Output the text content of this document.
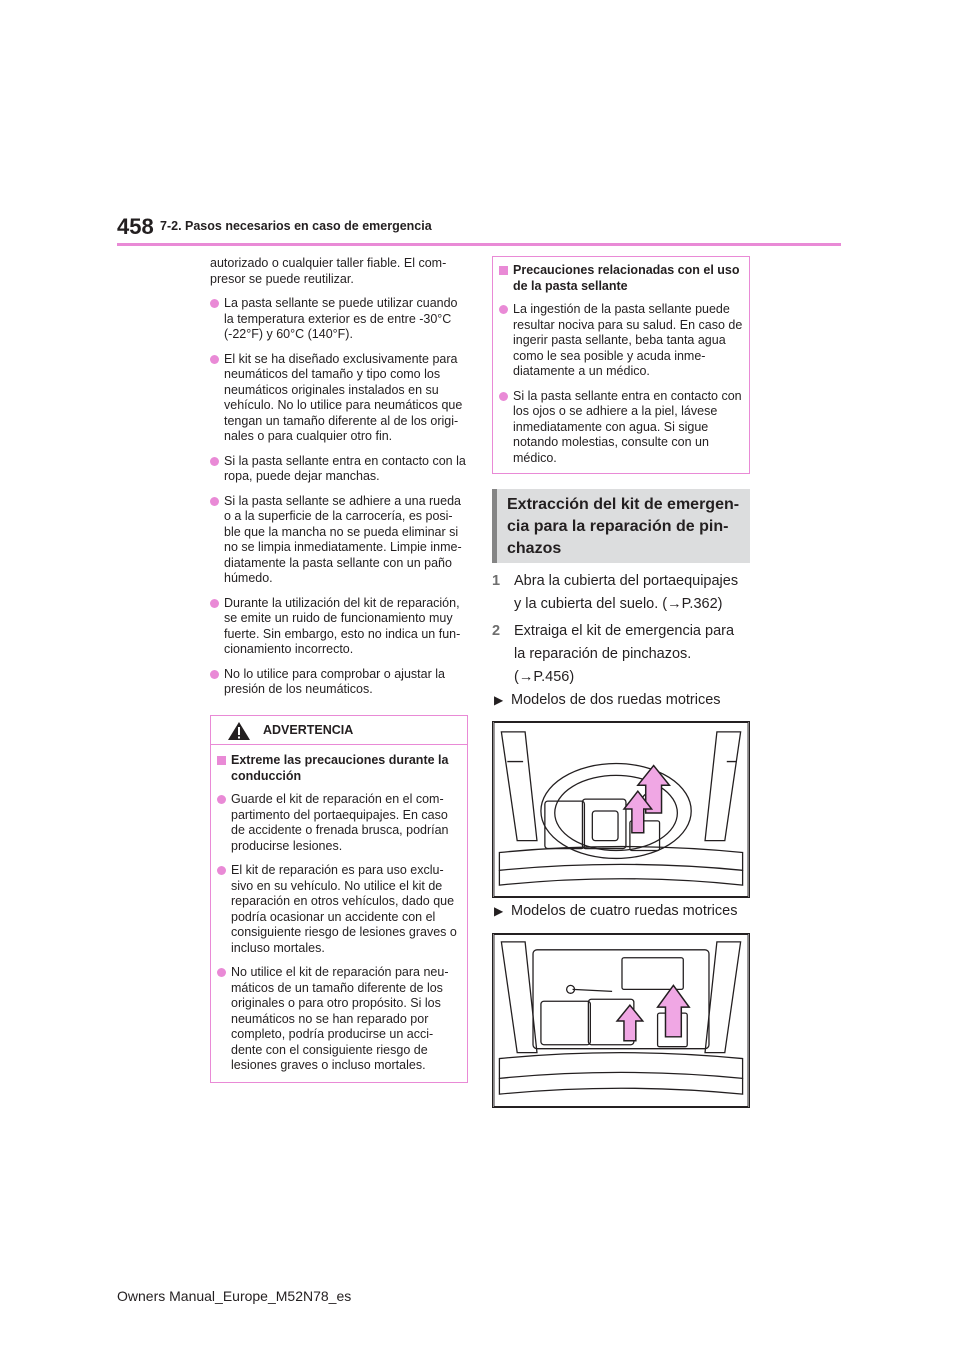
458 7-2. Pasos necesarios en caso de emergencia
autorizado o cualquier taller fiable. El com-presor se puede reutilizar.
La pasta sellante se puede utilizar cuando la temperatura exterior es de entre -30°C (-22°F) y 60°C (140°F).
El kit se ha diseñado exclusivamente para neumáticos del tamaño y tipo como los neumáticos originales instalados en su vehículo. No lo utilice para neumáticos que tengan un tamaño diferente al de los origi-nales o para cualquier otro fin.
Si la pasta sellante entra en contacto con la ropa, puede dejar manchas.
Si la pasta sellante se adhiere a una rueda o a la superficie de la carrocería, es posi-ble que la mancha no se pueda eliminar si no se limpia inmediatamente. Limpie inme-diatamente la pasta sellante con un paño húmedo.
Durante la utilización del kit de reparación, se emite un ruido de funcionamiento muy fuerte. Sin embargo, esto no indica un fun-cionamiento incorrecto.
No lo utilice para comprobar o ajustar la presión de los neumáticos.
ADVERTENCIA
Extreme las precauciones durante la conducción
Guarde el kit de reparación en el com-partimento del portaequipajes. En caso de accidente o frenada brusca, podrían producirse lesiones.
El kit de reparación es para uso exclu-sivo en su vehículo. No utilice el kit de reparación en otros vehículos, dado que podría ocasionar un accidente con el consiguiente riesgo de lesiones graves o incluso mortales.
No utilice el kit de reparación para neu-máticos de un tamaño diferente de los originales o para otro propósito. Si los neumáticos no se han reparado por completo, podría producirse un acci-dente con el consiguiente riesgo de lesiones graves o incluso mortales.
Precauciones relacionadas con el uso de la pasta sellante
La ingestión de la pasta sellante puede resultar nociva para su salud. En caso de ingerir pasta sellante, beba tanta agua como le sea posible y acuda inme-diatamente a un médico.
Si la pasta sellante entra en contacto con los ojos o se adhiere a la piel, lávese inmediatamente con agua. Si sigue notando molestias, consulte con un médico.
Extracción del kit de emergen-cia para la reparación de pin-chazos
1 Abra la cubierta del portaequipajes
y la cubierta del suelo. (→P.362)
2 Extraiga el kit de emergencia para
la reparación de pinchazos.
(→P.456)
▶ Modelos de dos ruedas motrices
▶ Modelos de cuatro ruedas motrices
Owners Manual_Europe_M52N78_es
